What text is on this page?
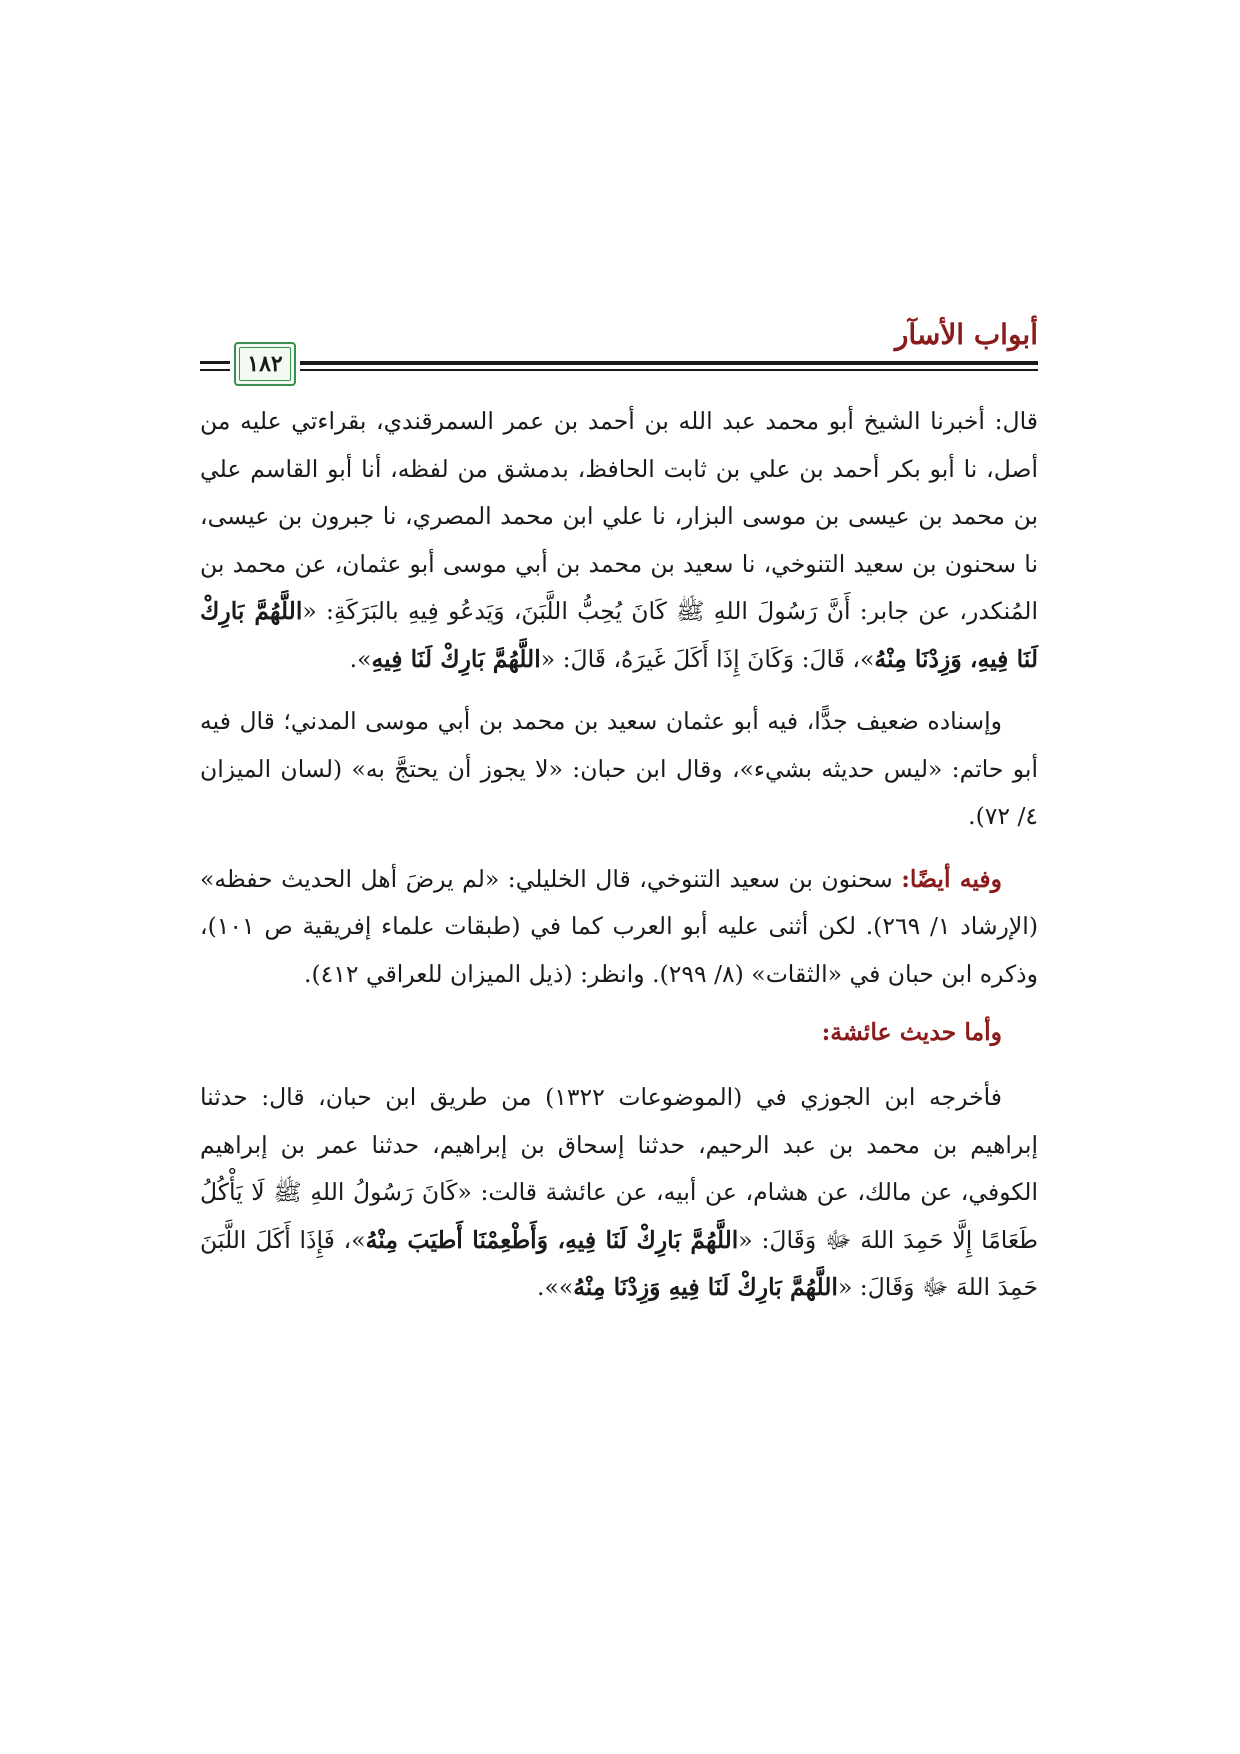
أبواب الأسآر
١٨٢

قال: أخبرنا الشيخ أبو محمد عبد الله بن أحمد بن عمر السمرقندي، بقراءتي عليه من أصل، نا أبو بكر أحمد بن علي بن ثابت الحافظ، بدمشق من لفظه، أنا أبو القاسم علي بن محمد بن عيسى بن موسى البزار، نا علي ابن محمد المصري، نا جبرون بن عيسى، نا سحنون بن سعيد التنوخي، نا سعيد بن محمد بن أبي موسى أبو عثمان، عن محمد بن المُنكدر، عن جابر: أَنَّ رَسُولَ اللهِ ﷺ كَانَ يُحِبُّ اللَّبَنَ، وَيَدعُو فِيهِ بالبَرَكَةِ: «اللَّهُمَّ بَارِكْ لَنَا فِيهِ، وَزِدْنَا مِنْهُ»، قَالَ: وَكَانَ إِذَا أَكَلَ غَيرَهُ، قَالَ: «اللَّهُمَّ بَارِكْ لَنَا فِيهِ».

وإسناده ضعيف جدًّا، فيه أبو عثمان سعيد بن محمد بن أبي موسى المدني؛ قال فيه أبو حاتم: «ليس حديثه بشيء»، وقال ابن حبان: «لا يجوز أن يحتجَّ به» (لسان الميزان ٤/ ٧٢).

وفيه أيضًا: سحنون بن سعيد التنوخي، قال الخليلي: «لم يرضَ أهل الحديث حفظه» (الإرشاد ١/ ٢٦٩). لكن أثنى عليه أبو العرب كما في (طبقات علماء إفريقية ص ١٠١)، وذكره ابن حبان في «الثقات» (٨/ ٢٩٩). وانظر: (ذيل الميزان للعراقي ٤١٢).

وأما حديث عائشة:

فأخرجه ابن الجوزي في (الموضوعات ١٣٢٢) من طريق ابن حبان، قال: حدثنا إبراهيم بن محمد بن عبد الرحيم، حدثنا إسحاق بن إبراهيم، حدثنا عمر بن إبراهيم الكوفي، عن مالك، عن هشام، عن أبيه، عن عائشة قالت: «كَانَ رَسُولُ اللهِ ﷺ لَا يَأْكُلُ طَعَامًا إِلَّا حَمِدَ اللهَ ﷻ وَقَالَ: «اللَّهُمَّ بَارِكْ لَنَا فِيهِ، وَأَطْعِمْنَا أَطيَبَ مِنْهُ»، فَإِذَا أَكَلَ اللَّبَنَ حَمِدَ اللهَ ﷻ وَقَالَ: «اللَّهُمَّ بَارِكْ لَنَا فِيهِ وَزِدْنَا مِنْهُ»».
